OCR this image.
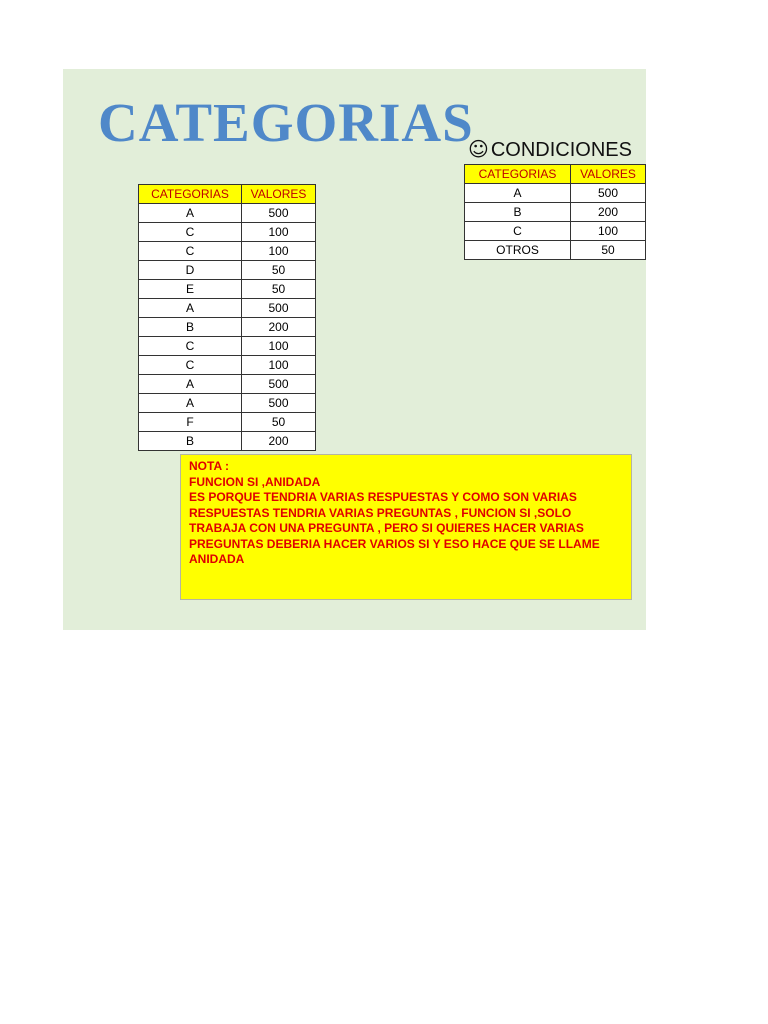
CATEGORIAS
☺ CONDICIONES
CATEGORIAS	VALORES
A	500
C	100
C	100
D	50
E	50
A	500
B	200
C	100
C	100
A	500
A	500
F	50
B	200
CATEGORIAS	VALORES
A	500
B	200
C	100
OTROS	50

NOTA :

FUNCION SI ,ANIDADA

ES PORQUE TENDRIA VARIAS RESPUESTAS Y COMO SON VARIAS RESPUESTAS TENDRIA VARIAS PREGUNTAS , FUNCION SI ,SOLO TRABAJA CON UNA PREGUNTA , PERO SI QUIERES HACER VARIAS PREGUNTAS DEBERIA HACER VARIOS SI Y ESO HACE QUE SE LLAME ANIDADA
